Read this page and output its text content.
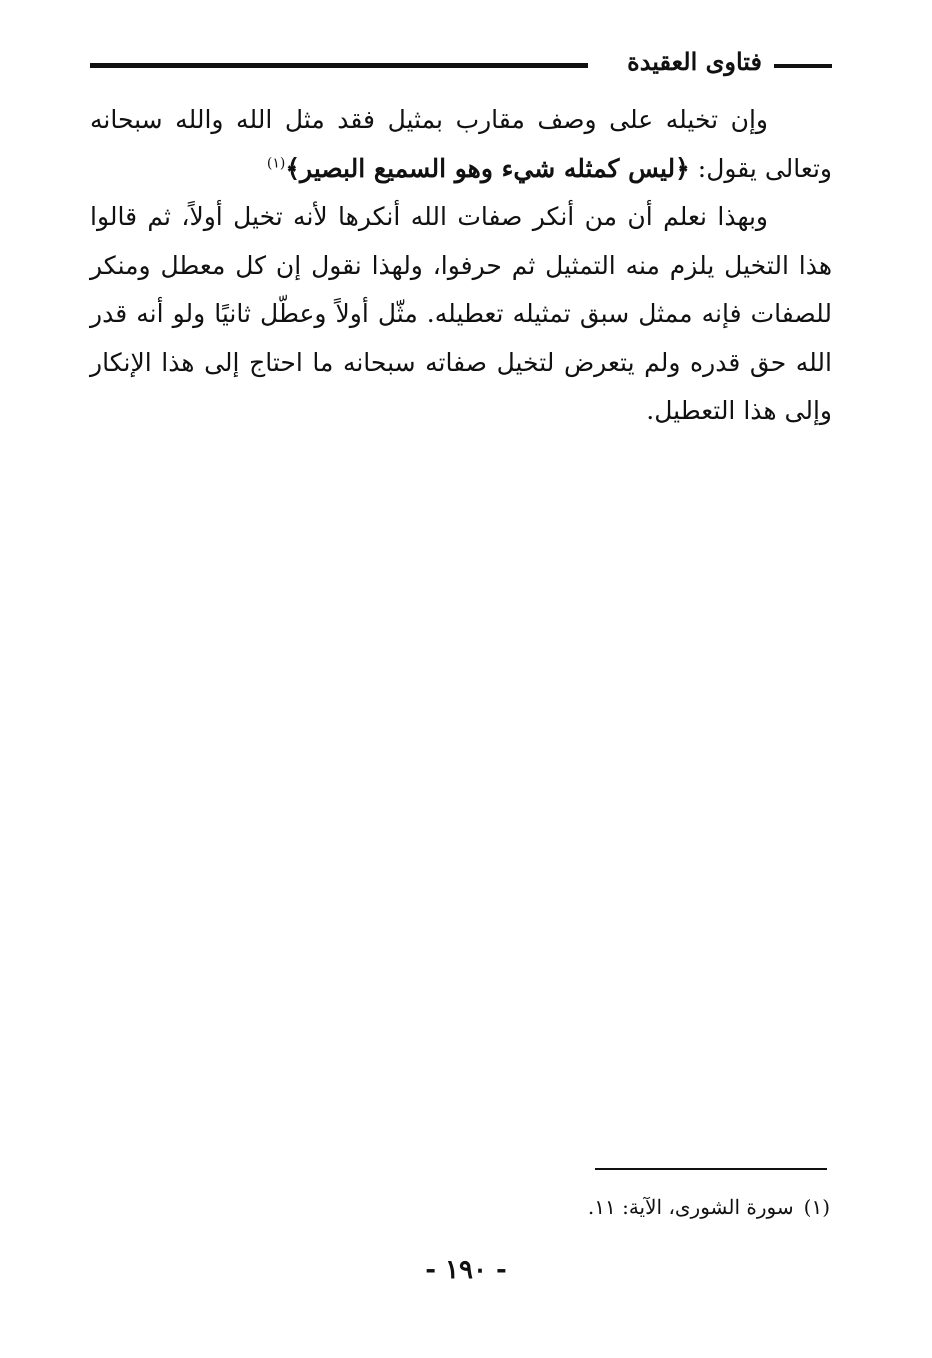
فتاوى العقيدة

وإن تخيله على وصف مقارب بمثيل فقد مثل الله والله سبحانه وتعالى يقول: ﴿ليس كمثله شيء وهو السميع البصير﴾$^{(١)}$

وبهذا نعلم أن من أنكر صفات الله أنكرها لأنه تخيل أولاً، ثم قالوا هذا التخيل يلزم منه التمثيل ثم حرفوا، ولهذا نقول إن كل معطل ومنكر للصفات فإنه ممثل سبق تمثيله تعطيله. مثّل أولاً وعطّل ثانيًا ولو أنه قدر الله حق قدره ولم يتعرض لتخيل صفاته سبحانه ما احتاج إلى هذا الإنكار وإلى هذا التعطيل.

(١)سورة الشورى، الآية: ١١.
- ١٩٠ -
